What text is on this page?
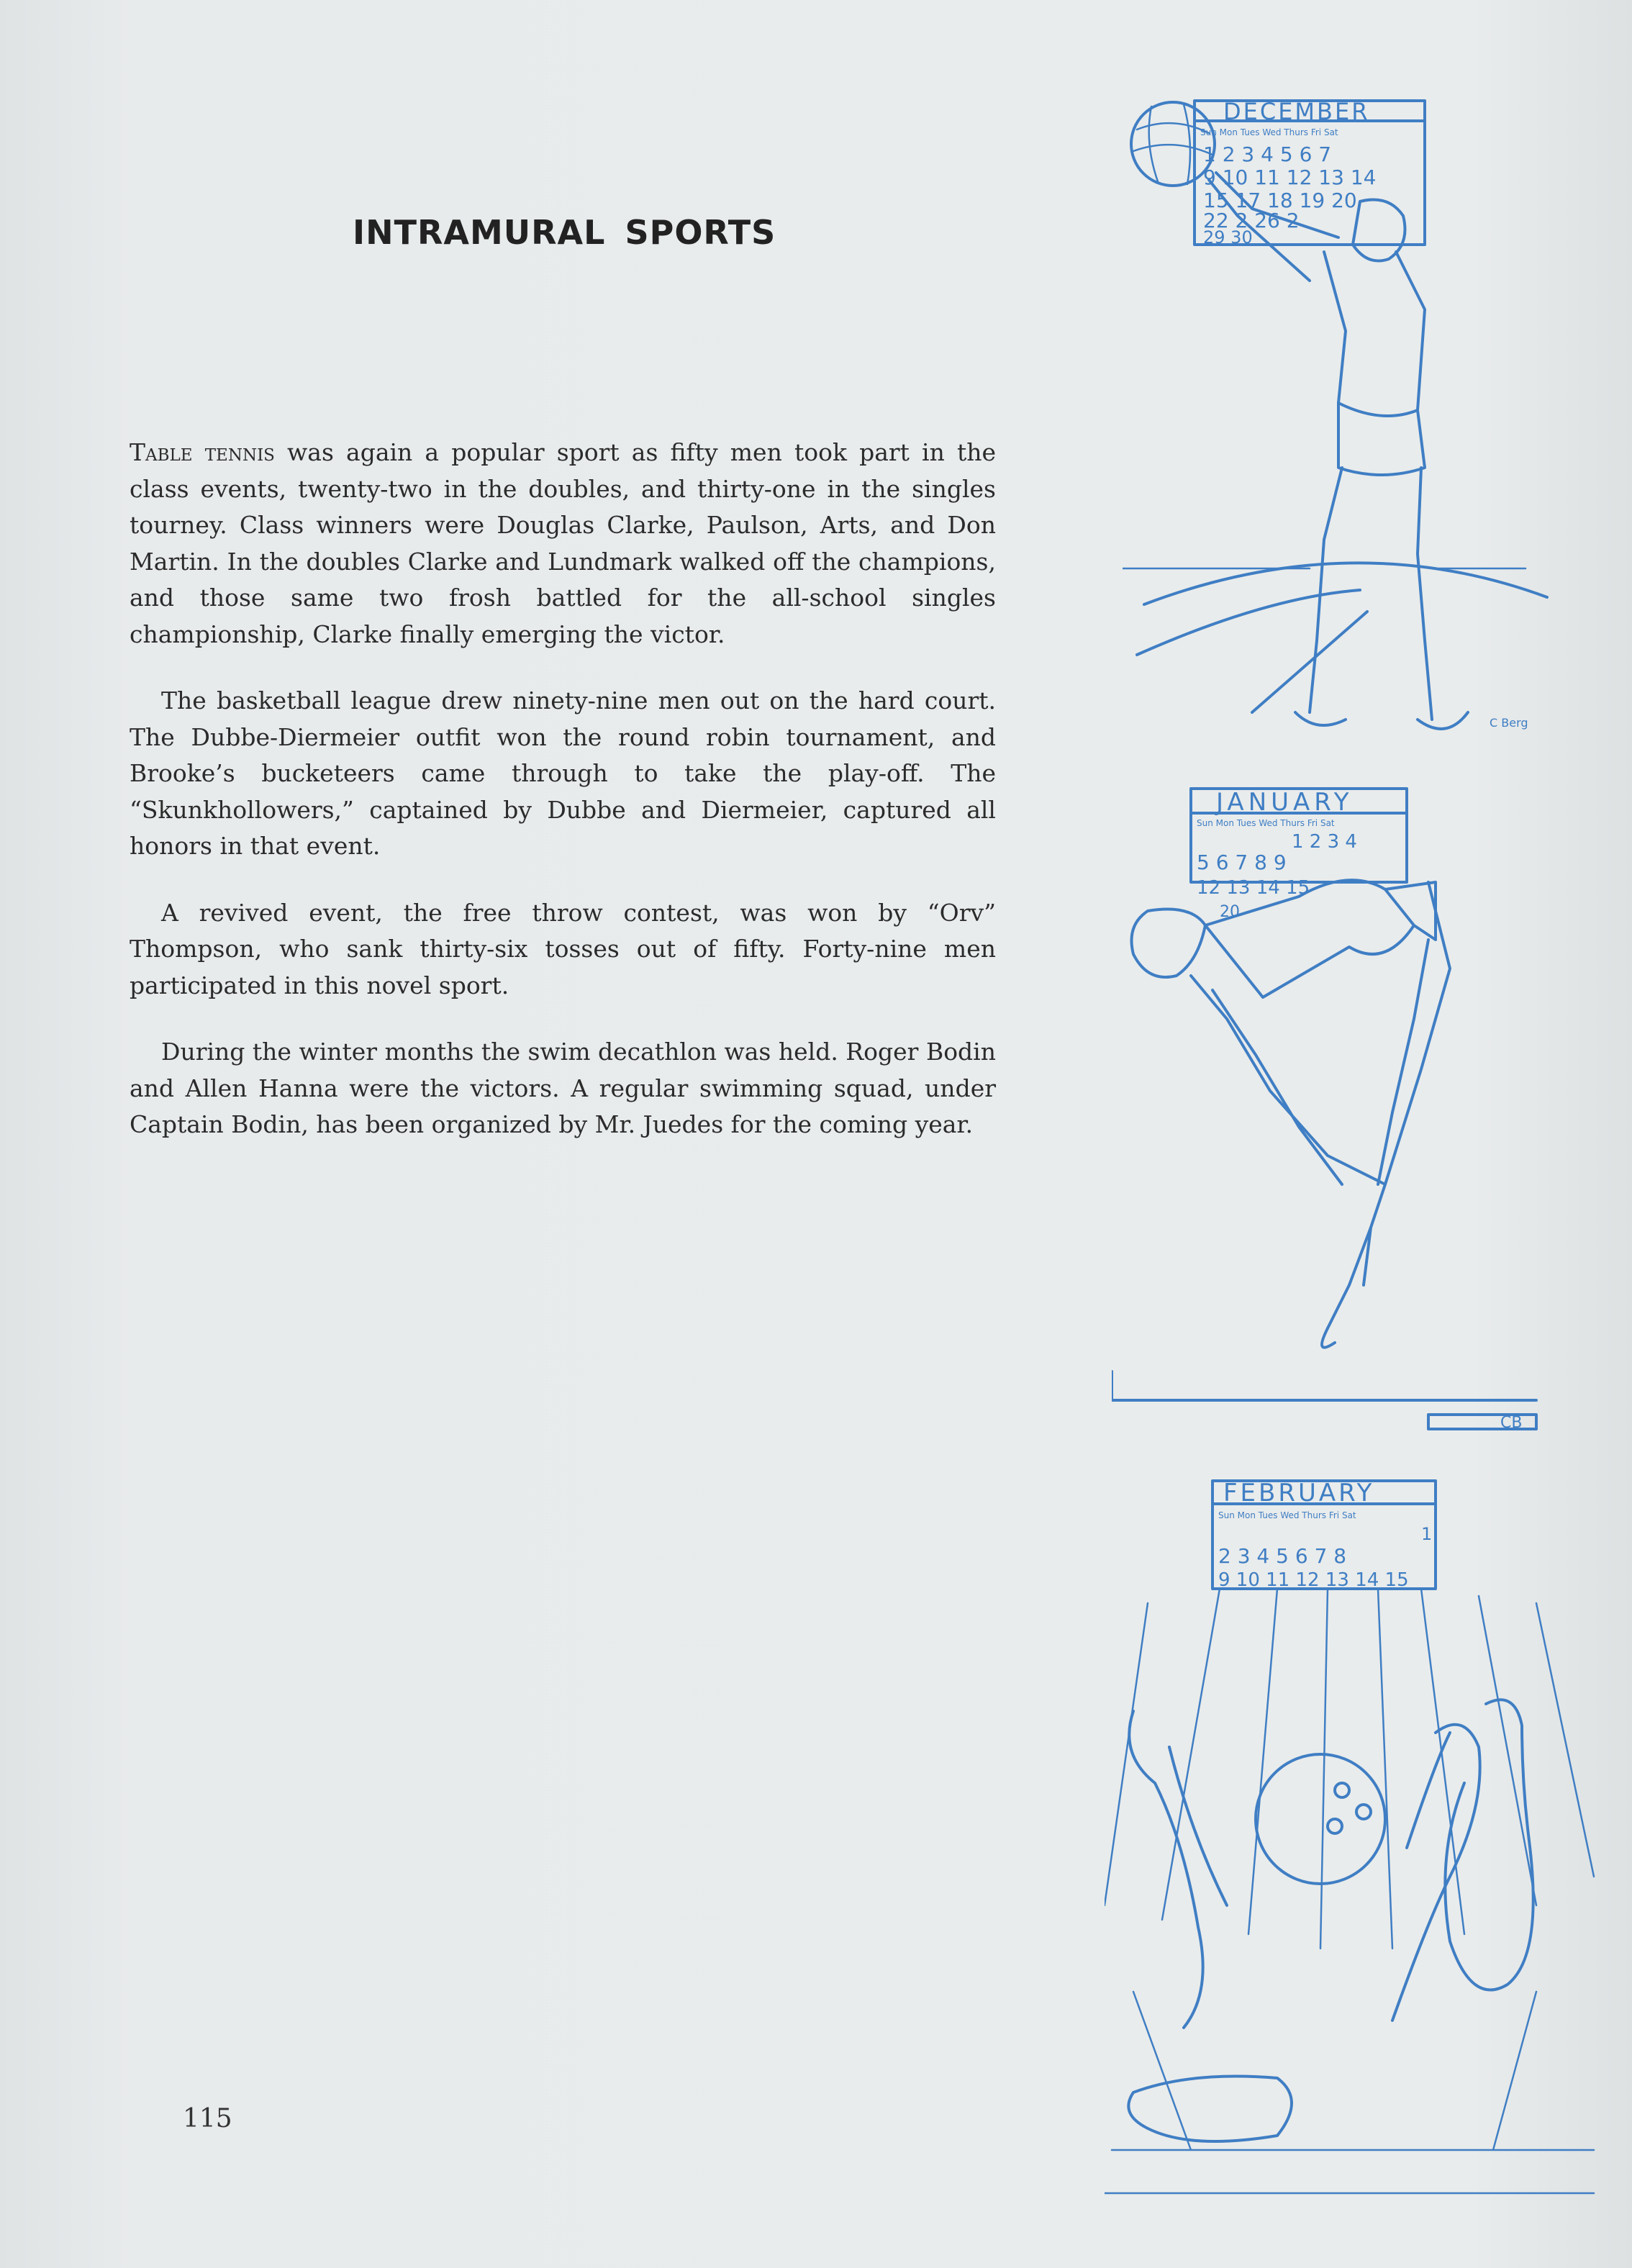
INTRAMURAL SPORTS

Table tennis was again a popular sport as fifty men took part in the class events, twenty-two in the doubles, and thirty-one in the singles tourney. Class winners were Douglas Clarke, Paulson, Arts, and Don Martin. In the doubles Clarke and Lundmark walked off the champions, and those same two frosh battled for the all-school singles championship, Clarke finally emerging the victor.

The basketball league drew ninety-nine men out on the hard court. The Dubbe-Diermeier outfit won the round robin tournament, and Brooke’s bucketeers came through to take the play-off. The “Skunkhollowers,” captained by Dubbe and Diermeier, captured all honors in that event.

A revived event, the free throw contest, was won by “Orv” Thompson, who sank thirty-six tosses out of fifty. Forty-nine men participated in this novel sport.

During the winter months the swim decathlon was held. Roger Bodin and Allen Hanna were the victors. A regular swimming squad, under Captain Bodin, has been organized by Mr. Juedes for the coming year.

DECEMBER
Sun Mon Tues Wed Thurs Fri Sat
1 2 3 4 5 6 7
9 10 11 12 13 14
15 17 18 19 20
22 2 26 2
29 30
C Berg
JANUARY
Sun Mon Tues Wed Thurs Fri Sat
1 2 3 4
5 6 7 8 9
12 13 14 15
20
CB
FEBRUARY
Sun Mon Tues Wed Thurs Fri Sat
1
2 3 4 5 6 7 8
9 10 11 12 13 14 15
115
